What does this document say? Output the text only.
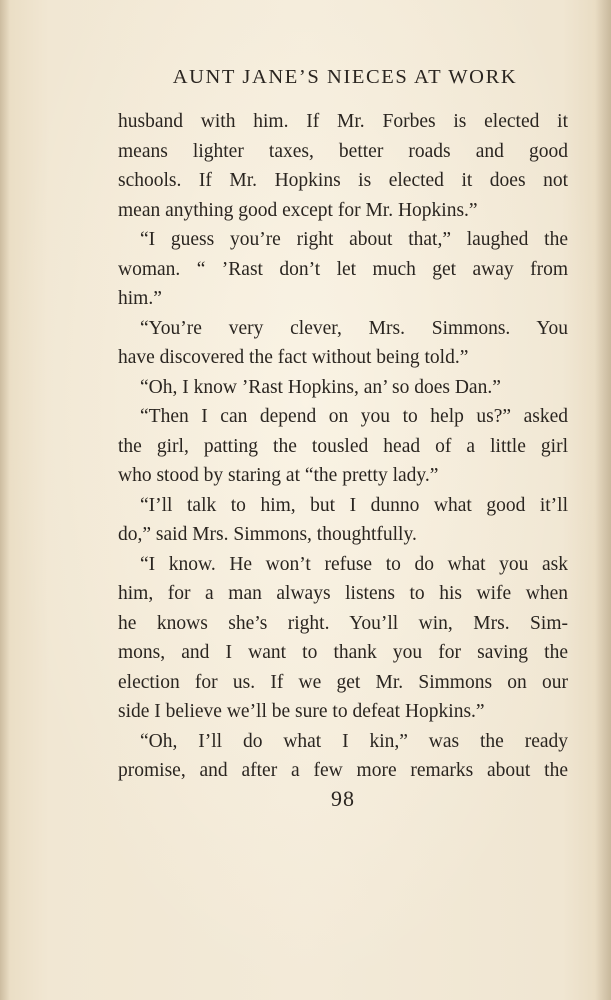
AUNT JANE’S NIECES AT WORK
husband with him. If Mr. Forbes is elected it
means lighter taxes, better roads and good
schools. If Mr. Hopkins is elected it does not
mean anything good except for Mr. Hopkins.”
“I guess you’re right about that,” laughed the
woman. “ ’Rast don’t let much get away from
him.”
“You’re very clever, Mrs. Simmons. You
have discovered the fact without being told.”
“Oh, I know ’Rast Hopkins, an’ so does Dan.”
“Then I can depend on you to help us?” asked
the girl, patting the tousled head of a little girl
who stood by staring at “the pretty lady.”
“I’ll talk to him, but I dunno what good it’ll
do,” said Mrs. Simmons, thoughtfully.
“I know. He won’t refuse to do what you ask
him, for a man always listens to his wife when
he knows she’s right. You’ll win, Mrs. Sim-
mons, and I want to thank you for saving the
election for us. If we get Mr. Simmons on our
side I believe we’ll be sure to defeat Hopkins.”
“Oh, I’ll do what I kin,” was the ready
promise, and after a few more remarks about the
98
